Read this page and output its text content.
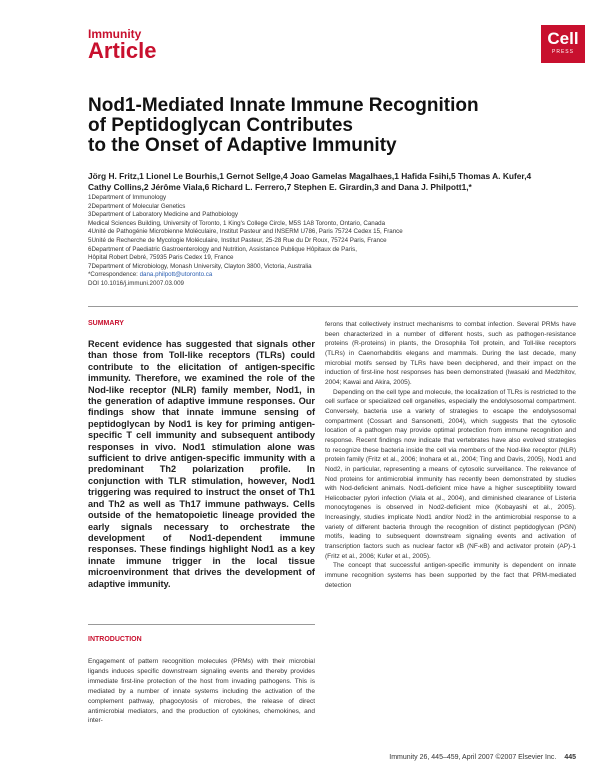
Immunity
Article	Cell
PRESS
Nod1-Mediated Innate Immune Recognition
of Peptidoglycan Contributes
to the Onset of Adaptive Immunity
Jörg H. Fritz,1 Lionel Le Bourhis,1 Gernot Sellge,4 Joao Gamelas Magalhaes,1 Hafida Fsihi,5 Thomas A. Kufer,4
Cathy Collins,2 Jérôme Viala,6 Richard L. Ferrero,7 Stephen E. Girardin,3 and Dana J. Philpott1,*
1Department of Immunology
2Department of Molecular Genetics
3Department of Laboratory Medicine and Pathobiology
Medical Sciences Building, University of Toronto, 1 King's College Circle, M5S 1A8 Toronto, Ontario, Canada
4Unité de Pathogénie Microbienne Moléculaire, Institut Pasteur and INSERM U786, Paris 75724 Cedex 15, France
5Unité de Recherche de Mycologie Moléculaire, Institut Pasteur, 25-28 Rue du Dr Roux, 75724 Paris, France
6Department of Paediatric Gastroenterology and Nutrition, Assistance Publique Hôpitaux de Paris,
Hôpital Robert Debré, 75935 Paris Cedex 19, France
7Department of Microbiology, Monash University, Clayton 3800, Victoria, Australia
*Correspondence: dana.philpott@utoronto.ca
DOI 10.1016/j.immuni.2007.03.009
SUMMARY
Recent evidence has suggested that signals other than those from Toll-like receptors (TLRs) could contribute to the elicitation of antigen-specific immunity. Therefore, we examined the role of the Nod-like receptor (NLR) family member, Nod1, in the generation of adaptive immune responses. Our findings show that innate immune sensing of peptidoglycan by Nod1 is key for priming antigen-specific T cell immunity and subsequent antibody responses in vivo. Nod1 stimulation alone was sufficient to drive antigen-specific immunity with a predominant Th2 polarization profile. In conjunction with TLR stimulation, however, Nod1 triggering was required to instruct the onset of Th1 and Th2 as well as Th17 immune pathways. Cells outside of the hematopoietic lineage provided the early signals necessary to orchestrate the development of Nod1-dependent immune responses. These findings highlight Nod1 as a key innate immune trigger in the local tissue microenvironment that drives the development of adaptive immunity.
INTRODUCTION
Engagement of pattern recognition molecules (PRMs) with their microbial ligands induces specific downstream signaling events and thereby provides immediate first-line protection of the host from invading pathogens. This is mediated by a number of innate systems including the activation of the complement pathway, phagocytosis of microbes, the release of direct antimicrobial mediators, and the production of cytokines, chemokines, and inter-

ferons that collectively instruct mechanisms to combat infection. Several PRMs have been characterized in a number of different hosts, such as pathogen-resistance proteins (R-proteins) in plants, the Drosophila Toll protein, and Toll-like receptors (TLRs) in Caenorhabditis elegans and mammals. During the last decade, many microbial motifs sensed by TLRs have been deciphered, and their impact on the induction of first-line host responses has been demonstrated (Iwasaki and Medzhitov, 2004; Kawai and Akira, 2005).

Depending on the cell type and molecule, the localization of TLRs is restricted to the cell surface or specialized cell organelles, especially the endolysosomal compartment. Conversely, bacteria use a variety of strategies to escape the endolysosomal compartment (Cossart and Sansonetti, 2004), which suggests that the cytosolic location of a pathogen may provide optimal protection from immune recognition and response. Recent findings now indicate that vertebrates have also evolved strategies to recognize these bacteria inside the cell via members of the Nod-like receptor (NLR) protein family (Fritz et al., 2006; Inohara et al., 2004; Ting and Davis, 2005), Nod1 and Nod2, in particular, representing a means of cytosolic surveillance. The relevance of Nod proteins for antimicrobial immunity has recently been demonstrated by studies with Nod-deficient animals. Nod1-deficient mice have a higher susceptibility toward Helicobacter pylori infection (Viala et al., 2004), and diminished clearance of Listeria monocytogenes is observed in Nod2-deficient mice (Kobayashi et al., 2005). Increasingly, studies implicate Nod1 and/or Nod2 in the antimicrobial response to a variety of different bacteria through the recognition of distinct peptidoglycan (PGN) motifs, leading to subsequent downstream signaling events and activation of transcription factors such as nuclear factor κB (NF-κB) and activator protein (AP)-1 (Fritz et al., 2006; Kufer et al., 2005).

The concept that successful antigen-specific immunity is dependent on innate immune recognition systems has been supported by the fact that PRM-mediated detection

Immunity 26, 445–459, April 2007 ©2007 Elsevier Inc. 445
